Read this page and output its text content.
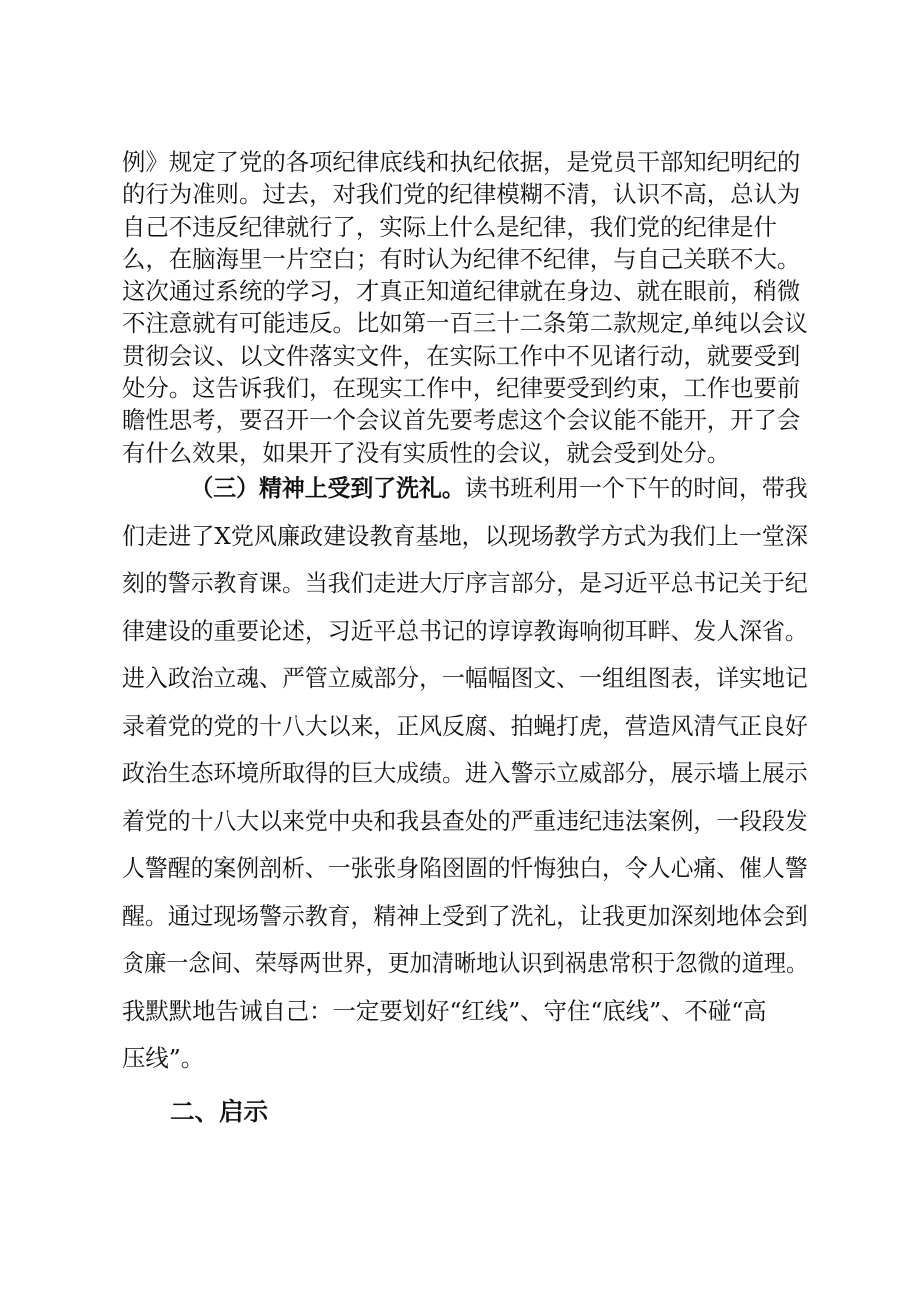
例》规定了党的各项纪律底线和执纪依据，是党员干部知纪明纪的
的行为准则。过去，对我们党的纪律模糊不清，认识不高，总认为
自己不违反纪律就行了，实际上什么是纪律，我们党的纪律是什
么，在脑海里一片空白；有时认为纪律不纪律，与自己关联不大。
这次通过系统的学习，才真正知道纪律就在身边、就在眼前，稍微
不注意就有可能违反。比如第一百三十二条第二款规定,单纯以会议
贯彻会议、以文件落实文件，在实际工作中不见诸行动，就要受到
处分。这告诉我们，在现实工作中，纪律要受到约束，工作也要前
瞻性思考，要召开一个会议首先要考虑这个会议能不能开，开了会
有什么效果，如果开了没有实质性的会议，就会受到处分。
（三）精神上受到了洗礼。读书班利用一个下午的时间，带我
们走进了X党风廉政建设教育基地，以现场教学方式为我们上一堂深
刻的警示教育课。当我们走进大厅序言部分，是习近平总书记关于纪
律建设的重要论述，习近平总书记的谆谆教诲响彻耳畔、发人深省。
进入政治立魂、严管立威部分，一幅幅图文、一组组图表，详实地记
录着党的党的十八大以来，正风反腐、拍蝇打虎，营造风清气正良好
政治生态环境所取得的巨大成绩。进入警示立威部分，展示墙上展示
着党的十八大以来党中央和我县查处的严重违纪违法案例，一段段发
人警醒的案例剖析、一张张身陷囹圄的忏悔独白，令人心痛、催人警
醒。通过现场警示教育，精神上受到了洗礼，让我更加深刻地体会到
贪廉一念间、荣辱两世界，更加清晰地认识到祸患常积于忽微的道理。
我默默地告诫自己：一定要划好“红线”、守住“底线”、不碰“高
压线”。
二、启示
